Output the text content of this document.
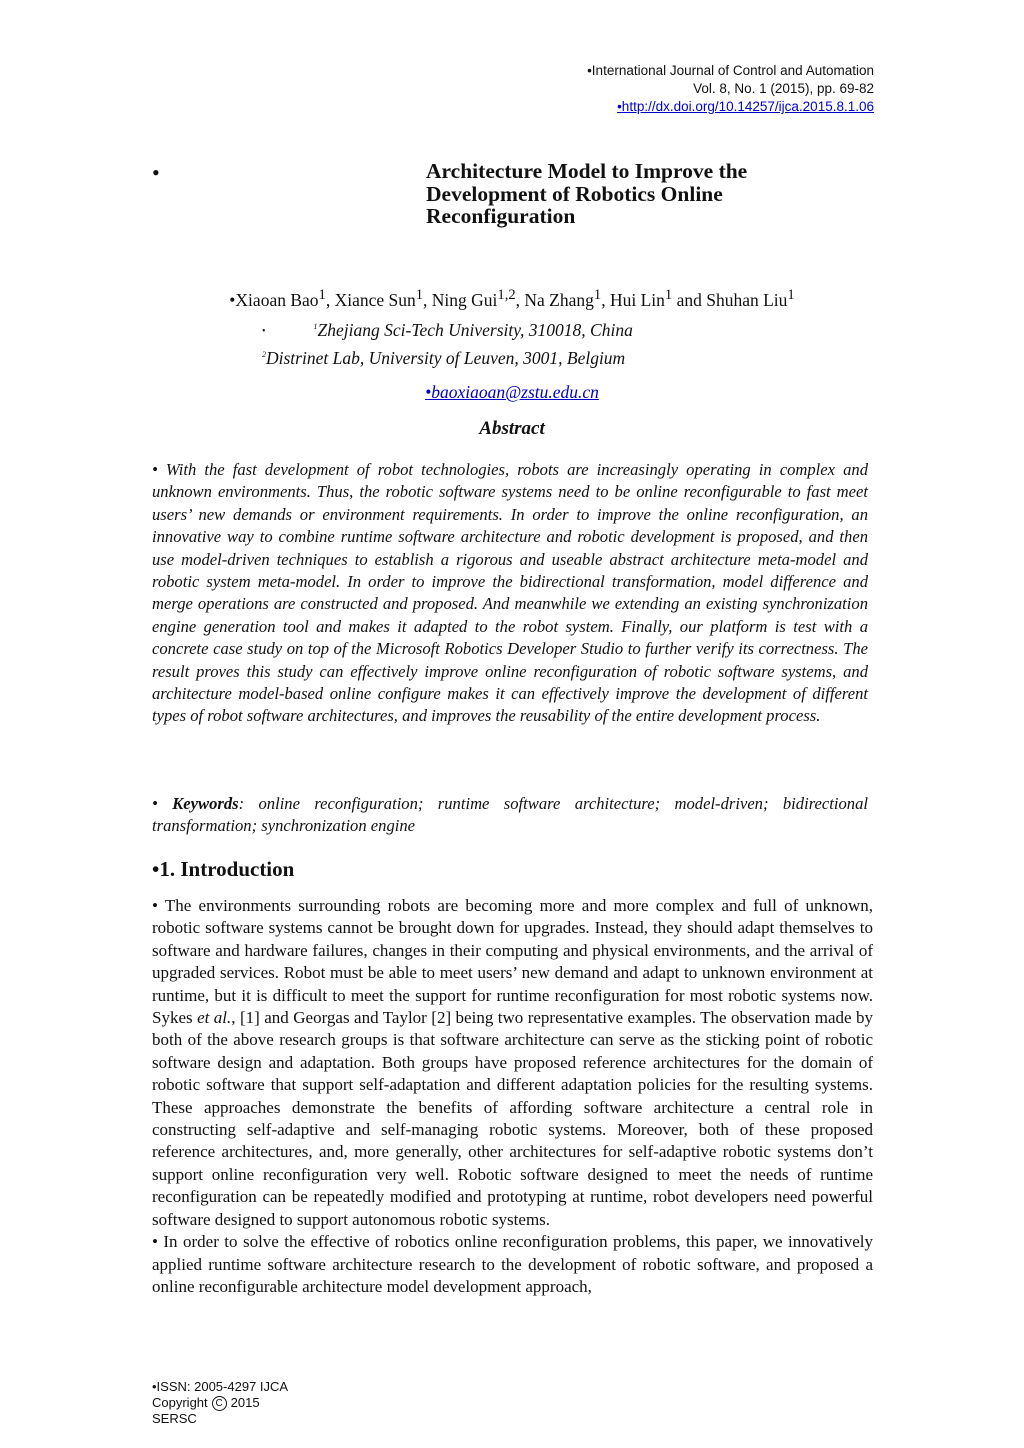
•International Journal of Control and Automation
Vol. 8, No. 1 (2015), pp. 69-82
•http://dx.doi.org/10.14257/ijca.2015.8.1.06
•	Architecture Model to Improve the
Development of Robotics Online
Reconfiguration
•Xiaoan Bao$^1$, Xiance Sun$^1$, Ning Gui$^{1,2}$, Na Zhang$^1$, Hui Lin$^1$ and Shuhan Liu$^1$
•	$^1$Zhejiang Sci-Tech University, 310018, China
$^2$Distrinet Lab, University of Leuven, 3001, Belgium
•baoxiaoan@zstu.edu.cn
Abstract
• With the fast development of robot technologies, robots are increasingly operating in complex and unknown environments. Thus, the robotic software systems need to be online reconfigurable to fast meet users’ new demands or environment requirements. In order to improve the online reconfiguration, an innovative way to combine runtime software architecture and robotic development is proposed, and then use model-driven techniques to establish a rigorous and useable abstract architecture meta-model and robotic system meta-model. In order to improve the bidirectional transformation, model difference and merge operations are constructed and proposed. And meanwhile we extending an existing synchronization engine generation tool and makes it adapted to the robot system. Finally, our platform is test with a concrete case study on top of the Microsoft Robotics Developer Studio to further verify its correctness. The result proves this study can effectively improve online reconfiguration of robotic software systems, and architecture model-based online configure makes it can effectively improve the development of different types of robot software architectures, and improves the reusability of the entire development process.
• Keywords: online reconfiguration; runtime software architecture; model-driven; bidirectional transformation; synchronization engine
•1. Introduction

• The environments surrounding robots are becoming more and more complex and full of unknown, robotic software systems cannot be brought down for upgrades. Instead, they should adapt themselves to software and hardware failures, changes in their computing and physical environments, and the arrival of upgraded services. Robot must be able to meet users’ new demand and adapt to unknown environment at runtime, but it is difficult to meet the support for runtime reconfiguration for most robotic systems now. Sykes et al., [1] and Georgas and Taylor [2] being two representative examples. The observation made by both of the above research groups is that software architecture can serve as the sticking point of robotic software design and adaptation. Both groups have proposed reference architectures for the domain of robotic software that support self-adaptation and different adaptation policies for the resulting systems. These approaches demonstrate the benefits of affording software architecture a central role in constructing self-adaptive and self-managing robotic systems. Moreover, both of these proposed reference architectures, and, more generally, other architectures for self-adaptive robotic systems don’t support online reconfiguration very well. Robotic software designed to meet the needs of runtime reconfiguration can be repeatedly modified and prototyping at runtime, robot developers need powerful software designed to support autonomous robotic systems.

• In order to solve the effective of robotics online reconfiguration problems, this paper, we innovatively applied runtime software architecture research to the development of robotic software, and proposed a online reconfigurable architecture model development approach,

•ISSN: 2005-4297 IJCA
Copyright C 2015
SERSC
